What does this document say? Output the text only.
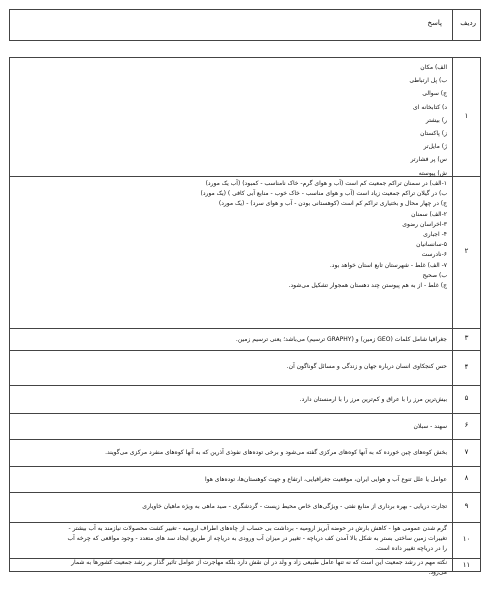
ردیف
پاسخ
۱

الف) مکان

ب) پل ارتباطی

ج) سوالی

د) کتابخانه ای

ر) بیشتر

ز) پاکستان

ژ) مایل‌تر

س) پر فشارتر

ش) پیوسته

۲

۱-الف) در سمنان تراکم جمعیت کم است (آب و هوای گرم- خاک نامناسب - کمبود) (آب یک مورد)

ب) در گیلان تراکم جمعیت زیاد است (آب و هوای مناسب - خاک خوب - منابع آبی کافی ) (یک مورد)

ج) در چهار محال و بختیاری تراکم کم است (کوهستانی بودن - آب و هوای سرد) - (یک مورد)

۲-الف) سمنان

۳-اخراسان رضوی

۴- اجباری

۵-سانسانیان

۶-نادرست

۷- الف) غلط - شهرستان تابع استان خواهد بود.

ب) صحیح

ج) غلط - از به هم پیوستن چند دهستان همجوار تشکیل می‌شود.

۳

جغرافیا شامل کلمات (GEO زمین) و (GRAPHY ترسیم) می‌باشد؛ یعنی ترسیم زمین.

۴

حس کنجکاوی انسان درباره جهان و زندگی و مسائل گوناگون آن.

۵

بیش‌ترین مرز را با عراق و کم‌ترین مرز را با ارمنستان دارد.

۶

سهند - سبلان

۷

بخش کوه‌های چین خورده که به آنها کوه‌های مرکزی گفته می‌شود و برخی توده‌های نفوذی آذرین که به آنها کوه‌های منفرد مرکزی می‌گویند.

۸

عوامل یا علل تنوع آب و هوایی ایران، موقعیت جغرافیایی، ارتفاع و جهت کوهستان‌ها، توده‌های هوا

۹

تجارت دریایی - بهره برداری از منابع نفتی - ویژگی‌های خاص محیط زیست - گردشگری - صید ماهی به ویژه ماهیان خاویاری

۱۰

گرم شدن عمومی هوا - کاهش بارش در حوضه آبریز ارومیه - برداشت بی حساب از چاه‌های اطراف ارومیه - تغییر کشت محصولات نیازمند به آب بیشتر -

تغییرات زمین ساختی بستر به شکل بالا آمدن کف دریاچه - تغییر در میزان آب ورودی به دریاچه از طریق ایجاد سد های متعدد - وجود مواقعی که چرخه آب

را در دریاچه تغییر داده است.

۱۱

نکته مهم در رشد جمعیت این است که نه تنها عامل طبیعی زاد و ولد در آن نقش دارد بلکه مهاجرت از عوامل تاثیر گذار بر رشد جمعیت کشورها به شمار

می‌رود.
